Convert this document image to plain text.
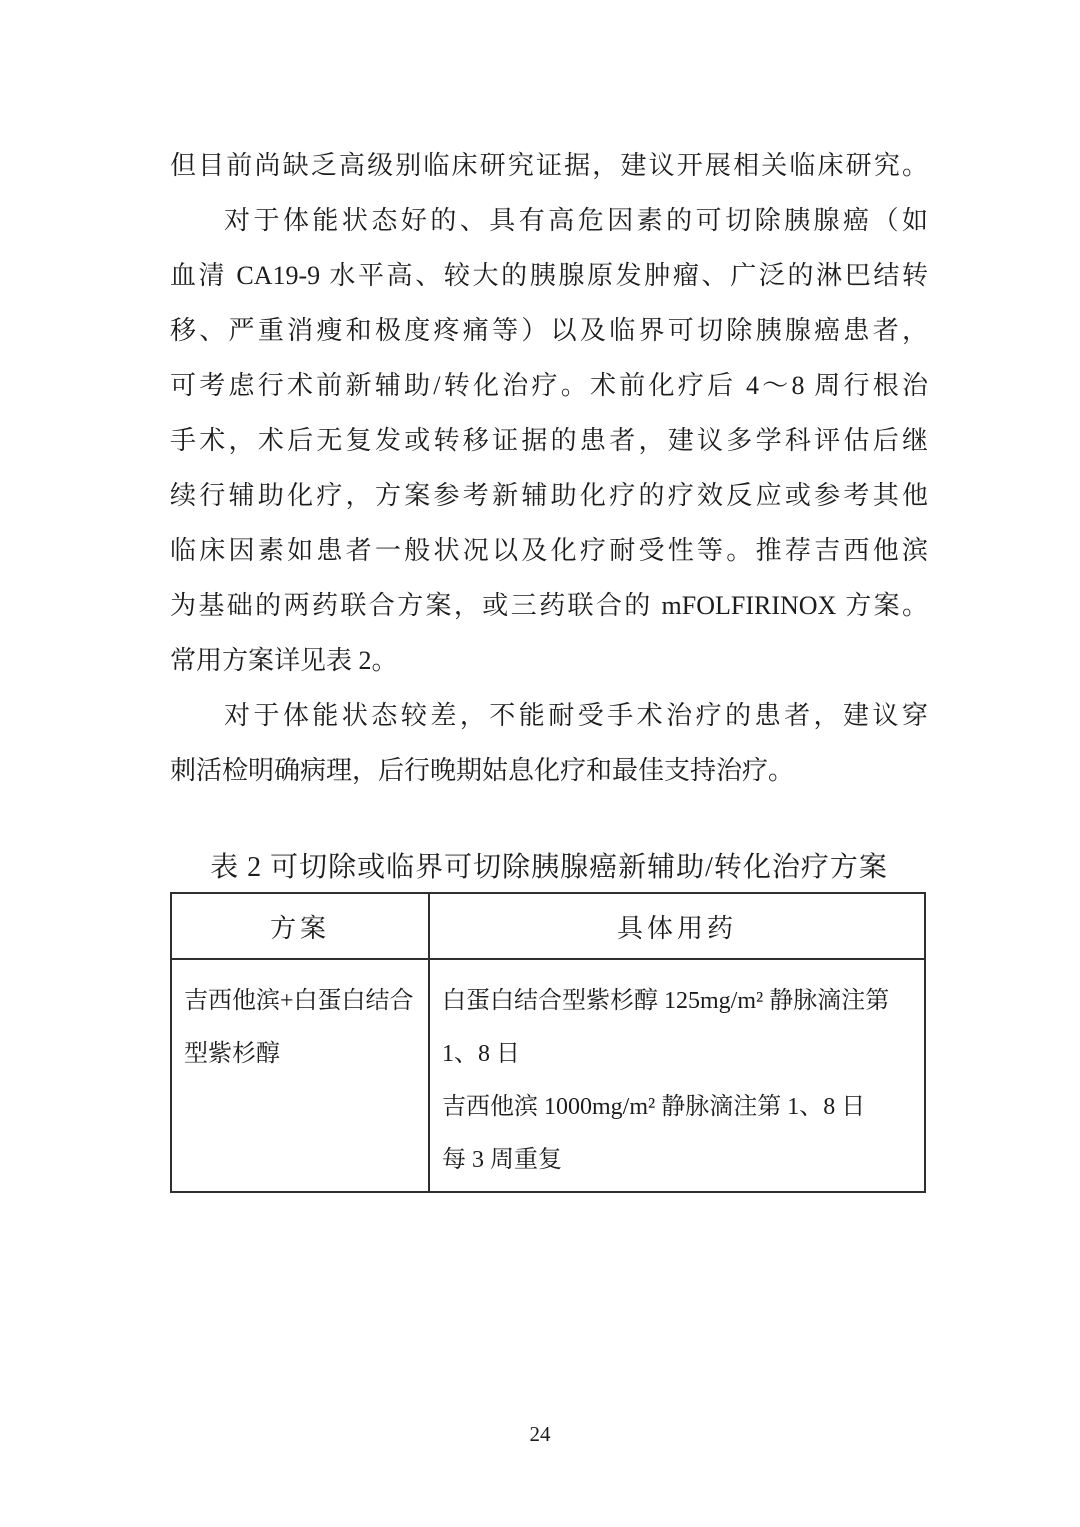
但目前尚缺乏高级别临床研究证据，建议开展相关临床研究。
对于体能状态好的、具有高危因素的可切除胰腺癌（如
血清 CA19-9 水平高、较大的胰腺原发肿瘤、广泛的淋巴结转
移、严重消瘦和极度疼痛等）以及临界可切除胰腺癌患者，
可考虑行术前新辅助/转化治疗。术前化疗后 4～8 周行根治
手术，术后无复发或转移证据的患者，建议多学科评估后继
续行辅助化疗，方案参考新辅助化疗的疗效反应或参考其他
临床因素如患者一般状况以及化疗耐受性等。推荐吉西他滨
为基础的两药联合方案，或三药联合的 mFOLFIRINOX 方案。
常用方案详见表 2。
对于体能状态较差，不能耐受手术治疗的患者，建议穿
刺活检明确病理，后行晚期姑息化疗和最佳支持治疗。
表 2 可切除或临界可切除胰腺癌新辅助/转化治疗方案
方案	具体用药
吉西他滨+白蛋白结合
型紫杉醇
白蛋白结合型紫杉醇 125mg/m² 静脉滴注第
1、8 日
吉西他滨 1000mg/m² 静脉滴注第 1、8 日
每 3 周重复
24
